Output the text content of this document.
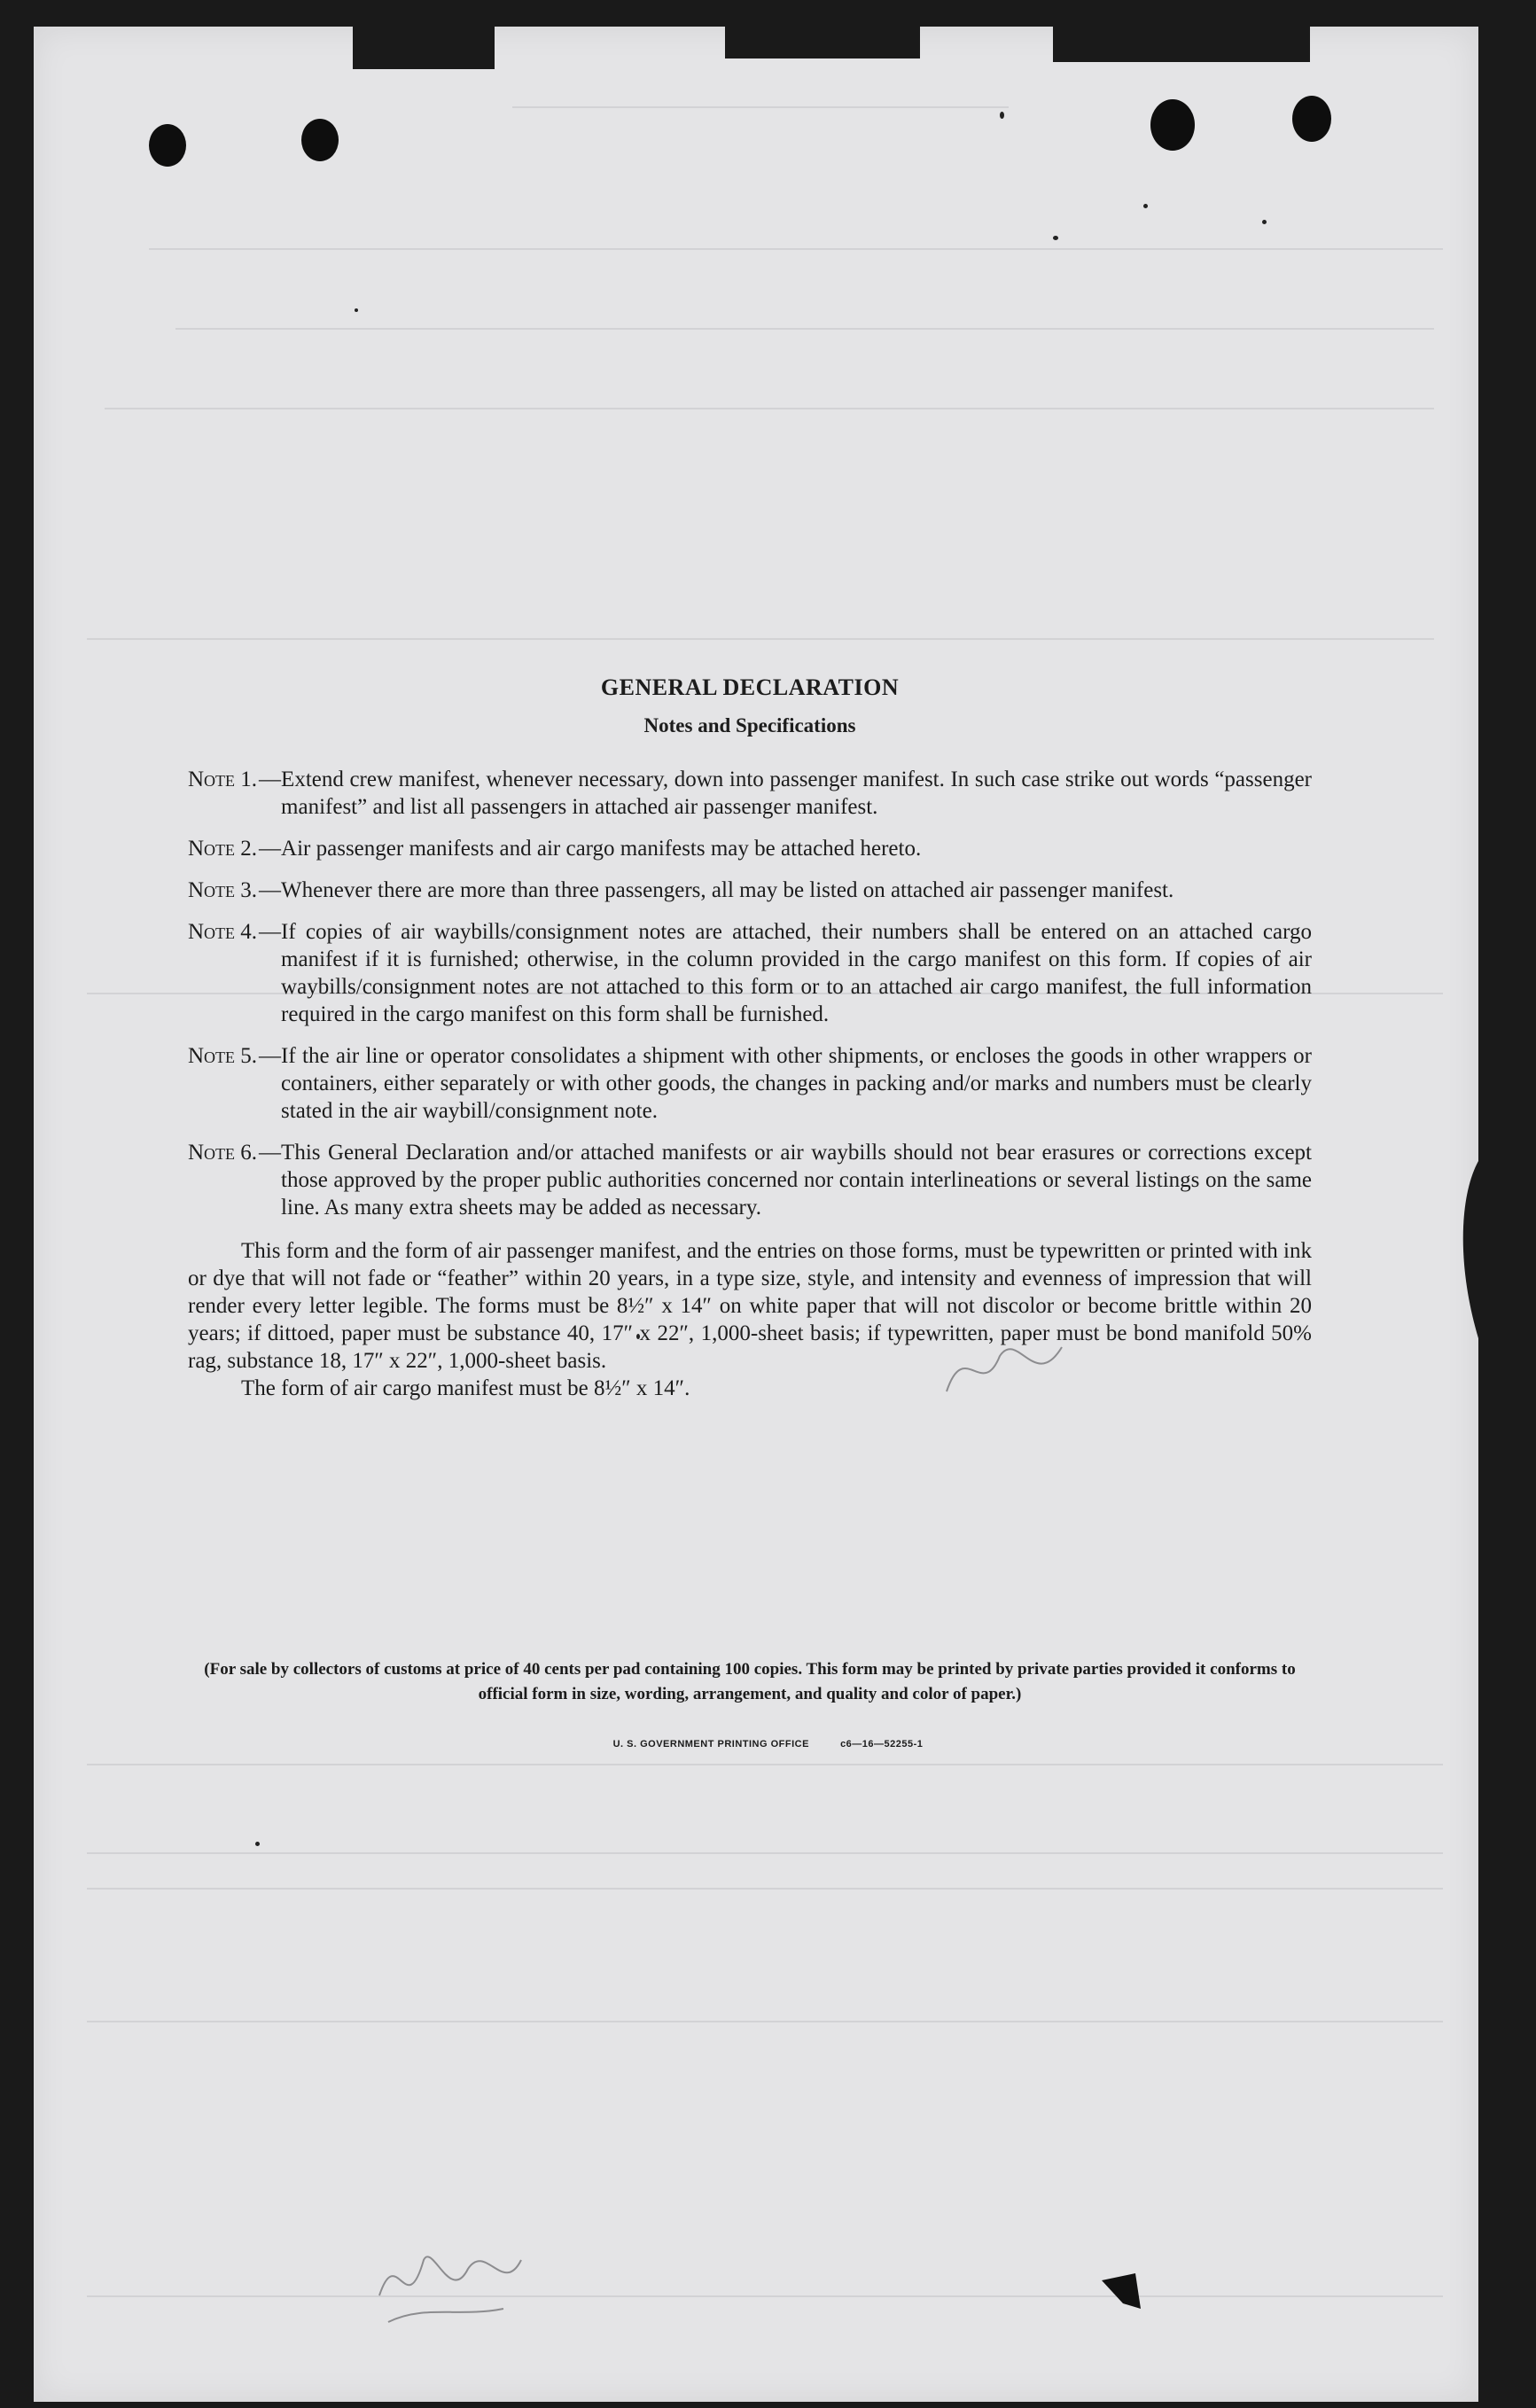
GENERAL DECLARATION
Notes and Specifications
Note 1. — Extend crew manifest, whenever necessary, down into passenger manifest. In such case strike out words “passenger manifest” and list all passengers in attached air passenger manifest.
Note 2. — Air passenger manifests and air cargo manifests may be attached hereto.
Note 3. — Whenever there are more than three passengers, all may be listed on attached air passenger manifest.
Note 4. — If copies of air waybills/consignment notes are attached, their numbers shall be entered on an attached cargo manifest if it is furnished; otherwise, in the column provided in the cargo manifest on this form. If copies of air waybills/consignment notes are not attached to this form or to an attached air cargo manifest, the full information required in the cargo manifest on this form shall be furnished.
Note 5. — If the air line or operator consolidates a shipment with other shipments, or encloses the goods in other wrappers or containers, either separately or with other goods, the changes in packing and/or marks and numbers must be clearly stated in the air waybill/consignment note.
Note 6. — This General Declaration and/or attached manifests or air waybills should not bear erasures or corrections except those approved by the proper public authorities concerned nor contain interlineations or several listings on the same line. As many extra sheets may be added as necessary.
This form and the form of air passenger manifest, and the entries on those forms, must be typewritten or printed with ink or dye that will not fade or “feather” within 20 years, in a type size, style, and intensity and evenness of impression that will render every letter legible. The forms must be 8½″ x 14″ on white paper that will not discolor or become brittle within 20 years; if dittoed, paper must be substance 40, 17″ x 22″, 1,000-sheet basis; if typewritten, paper must be bond manifold 50% rag, substance 18, 17″ x 22″, 1,000-sheet basis.
The form of air cargo manifest must be 8½″ x 14″.
(For sale by collectors of customs at price of 40 cents per pad containing 100 copies. This form may be printed by private parties provided it conforms to official form in size, wording, arrangement, and quality and color of paper.)
U. S. GOVERNMENT PRINTING OFFICE	c6—16—52255-1
